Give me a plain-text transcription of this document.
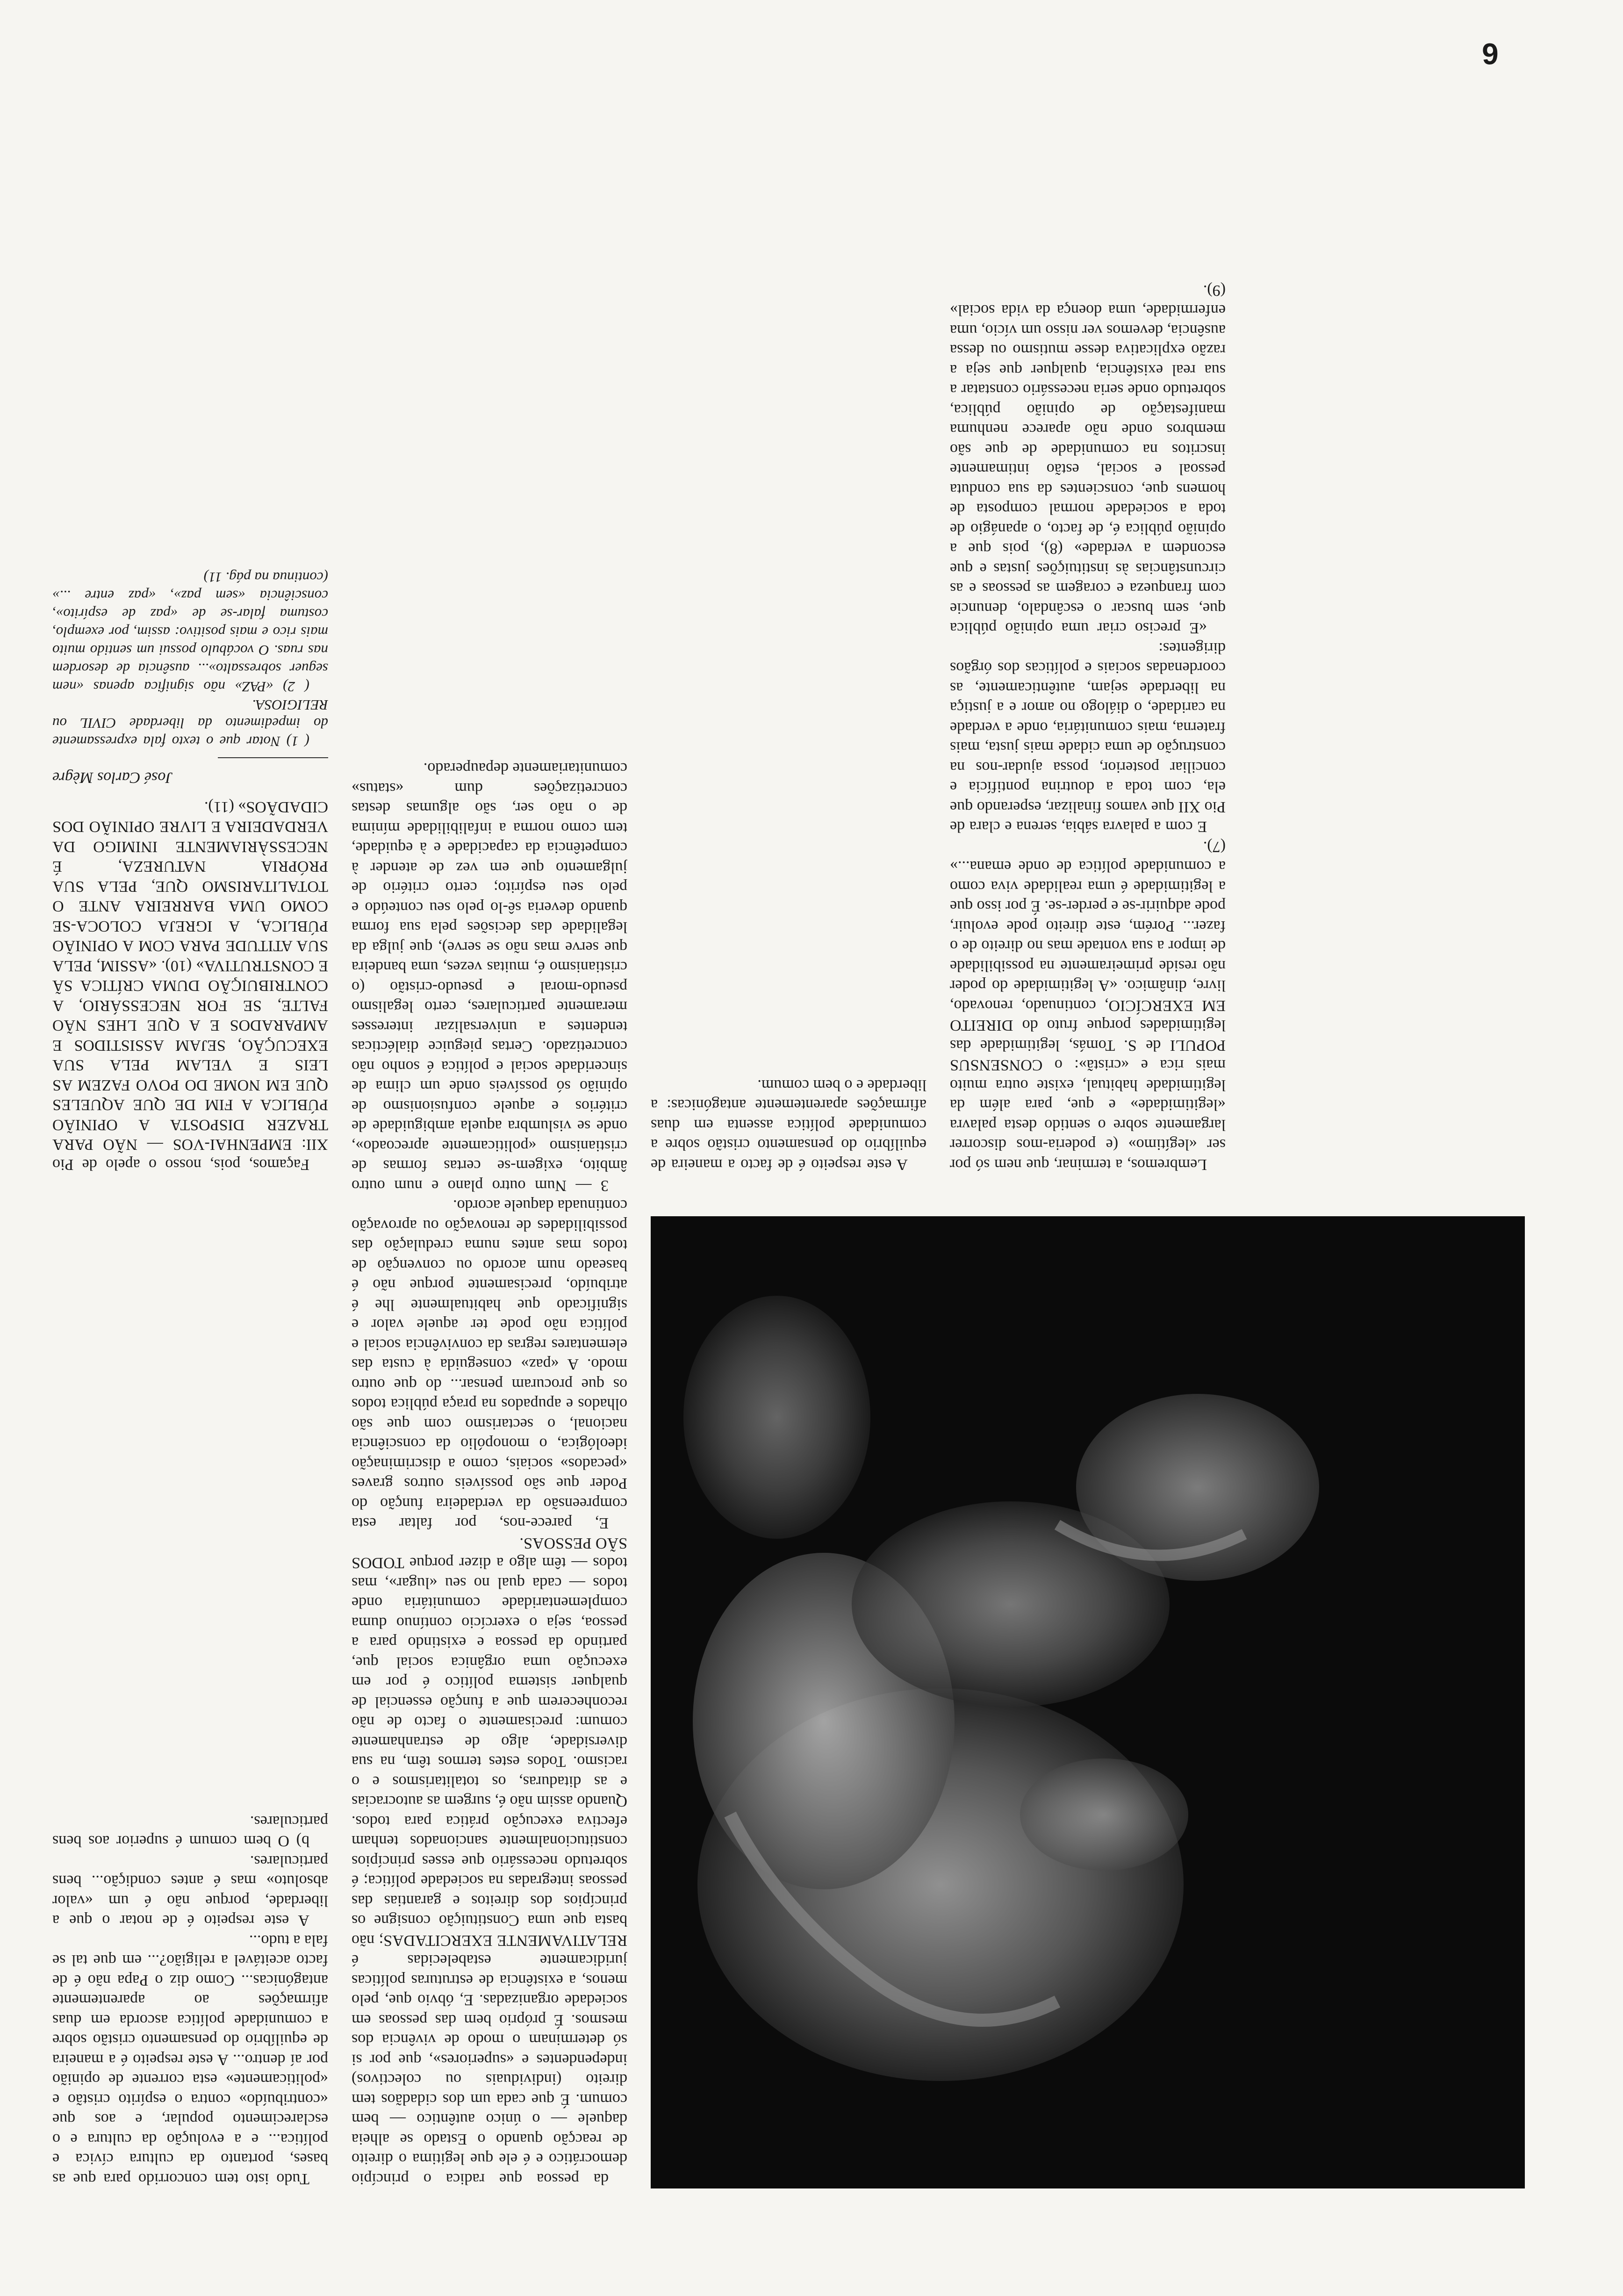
6

da pessoa que radica o princípio democrático e é ele que legitima o direito de reacção quando o Estado se alheia daquele — o único autêntico — bem comum. É que cada um dos cidadãos tem direito (individuais ou colectivos) independentes e «superiores», que por si só determinam o modo de vivência dos mesmos. É próprio bem das pessoas em sociedade organizadas. E, óbvio que, pelo menos, a existência de estruturas políticas juridicamente estabelecidas é RELATIVAMENTE EXERCITADAS; não basta que uma Constituição consigne os princípios dos direitos e garantias das pessoas integradas na sociedade política; é sobretudo necessário que esses princípios constitucionalmente sancionados tenham efectiva execução prática para todos. Quando assim não é, surgem as autocracias e as ditaduras, os totalitarismos e o racismo. Todos estes termos têm, na sua diversidade, algo de estranhamente comum: precisamente o facto de não reconhecerem que a função essencial de qualquer sistema político é por em execução uma orgânica social que, partindo da pessoa e existindo para a pessoa, seja o exercício contínuo duma complementaridade comunitária onde todos — cada qual no seu «lugar», mas todos — têm algo a dizer porque TODOS SÃO PESSOAS.

E, parece-nos, por faltar esta compreensão da verdadeira função do Poder que são possíveis outros graves «pecados» sociais, como a discriminação ideológica, o monopólio da consciência nacional, o sectarismo com que são olhados e apupados na praça pública todos os que procuram pensar... do que outro modo. A «paz» conseguida à custa das elementares regras da convivência social e política não pode ter aquele valor e significado que habitualmente lhe é atribuído, precisamente porque não é baseado num acordo ou convenção de todos mas antes numa credulação das possibilidades de renovação ou aprovação continuada daquele acordo.

3 — Num outro plano e num outro âmbito, exigem-se certas formas de cristianismo «politicamente aprecoado», onde se vislumbra aquela ambiguidade de critérios e aquele confusionismo de opinião só possíveis onde um clima de sinceridade social e política é sonho não concretizado. Certas pieguice dialécticas tendentes a universalizar interesses meramente particulares, certo legalismo pseudo-moral e pseudo-cristão (o cristianismo é, muitas vezes, uma bandeira que serve mas não se serve), que julga da legalidade das decisões pela sua forma quando deveria sê-lo pelo seu conteúdo e pelo seu espírito; certo critério de julgamento que em vez de atender à competência da capacidade e à equidade, tem como norma a infalibilidade mínima de o não ser, são algumas destas concretizações dum «status» comunitariamente depauperado.

Tudo isto tem concorrido para que as bases, portanto da cultura cívica e política... e a evolução da cultura e o esclarecimento popular, e aos que «contribuído» contra o espírito cristão e «politicamente» esta corrente de opinião por aí dentro... A este respeito é a maneira de equilíbrio do pensamento cristão sobre a comunidade política ascorda em duas afirmações ao aparentemente antagónicas... Como diz o Papa não é de facto aceitável a religião?... em que tal se fala a tudo...

A este respeito é de notar o que a liberdade, porque não é um «valor absoluto» mas é antes condição... bens particulares.

b) O bem comum é superior aos bens particulares.

A este respeito é de facto a maneira de equilíbrio do pensamento cristão sobre a comunidade política assenta em duas afirmações aparentemente antagónicas: a liberdade e o bem comum.

Façamos, pois, nosso o apelo de Pio XII: EMPENHAI-VOS — NÃO PARA TRAZER DISPOSTA A OPINIÃO PÚBLICA A FIM DE QUE AQUELES QUE EM NOME DO POVO FAZEM AS LEIS E VELAM PELA SUA EXECUÇÃO, SEJAM ASSISTIDOS E AMPARADOS E A QUE LHES NÃO FALTE, SE FOR NECESSÁRIO, A CONTRIBUIÇÃO DUMA CRÍTICA SÃ E CONSTRUTIVA» (10). «ASSIM, PELA SUA ATITUDE PARA COM A OPINIÃO PÚBLICA, A IGREJA COLOCA-SE COMO UMA BARREIRA ANTE O TOTALITARISMO QUE, PELA SUA PRÓPRIA NATUREZA, É NECESSÀRIAMENTE INIMIGO DA VERDADEIRA E LIVRE OPINIÃO DOS CIDADÃOS» (11).

José Carlos Mègre

( 1) Notar que o texto fala expressamente do impedimento da liberdade CIVIL ou RELIGIOSA.

( 2) «PAZ» não significa apenas «nem seguer sobressalto»... ausência de desordem nas ruas. O vocábulo possui um sentido muito mais rico e mais positivo: assim, por exemplo, costuma falar-se de «paz de espírito», consciência «sem paz», «paz entre ...» (continua na pág. 11)

Lembremos, a terminar, que nem só por ser «legítimo» (e poderia-mos discorrer largamente sobre o sentido desta palavra «legitimidade» e que, para além da legitimidade habitual, existe outra muito mais rica e «cristã»: o CONSENSUS POPULI de S. Tomás, legitimidade das legitimidades porque fruto do DIREITO EM EXERCÍCIO, continuado, renovado, livre, dinâmico. «A legitimidade do poder não reside primeiramente na possibilidade de impor a sua vontade mas no direito de o fazer... Porém, este direito pode evoluir, pode adquirir-se e perder-se. É por isso que a legitimidade é uma realidade viva como a comunidade política de onde emana...» (7).

E com a palavra sábia, serena e clara de Pio XII que vamos finalizar, esperando que ela, com toda a doutrina pontifícia e conciliar posterior, possa ajudar-nos na construção de uma cidade mais justa, mais fraterna, mais comunitária, onde a verdade na caridade, o diálogo no amor e a justiça na liberdade sejam, autênticamente, as coordenadas sociais e políticas dos órgãos dirigentes:

«E preciso criar uma opinião pública que, sem buscar o escândalo, denuncie com franqueza e coragem as pessoas e as circunstâncias às instituições justas e que escondem a verdade» (8), pois que a opinião pública é, de facto, o apanágio de toda a sociedade normal composta de homens que, conscientes da sua conduta pessoal e social, estão intimamente inscritos na comunidade de que são membros onde não aparece nenhuma manifestação de opinião pública, sobretudo onde seria necessário constatar a sua real existência, qualquer que seja a razão explicativa desse mutismo ou dessa ausência, devemos ver nisso um vício, uma enfermidade, uma doença da vida social» (9).
